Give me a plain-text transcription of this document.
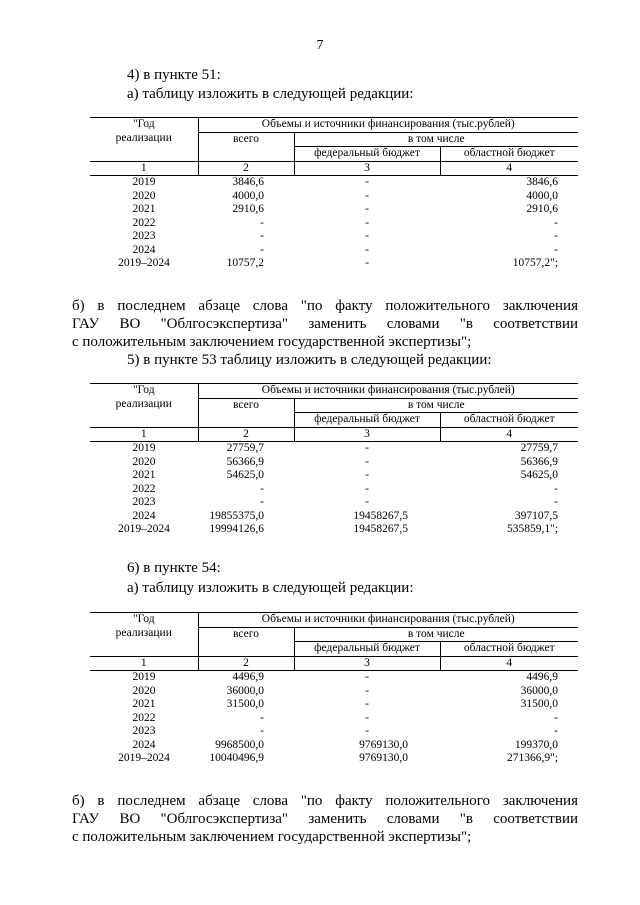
7
4) в пункте 51:
а) таблицу изложить в следующей редакции:
"Год
реализации	Объемы и источники финансирования (тыс.рублей)		
	всего	в том числе	
		федеральный бюджет	областной бюджет
1	2	3	4
2019	3846,6	-	3846,6
2020	4000,0	-	4000,0
2021	2910,6	-	2910,6
2022	-	-	-
2023	-	-	-
2024	-	-	-
2019–2024	10757,2	-	10757,2";
б) в последнем абзаце слова "по факту положительного заключения
ГАУ ВО "Облгосэкспертиза" заменить словами "в соответствии
с положительным заключением государственной экспертизы";
5) в пункте 53 таблицу изложить в следующей редакции:
"Год
реализации	Объемы и источники финансирования (тыс.рублей)		
	всего	в том числе	
		федеральный бюджет	областной бюджет
1	2	3	4
2019	27759,7	-	27759,7
2020	56366,9	-	56366,9
2021	54625,0	-	54625,0
2022	-	-	-
2023	-	-	-
2024	19855375,0	19458267,5	397107,5
2019–2024	19994126,6	19458267,5	535859,1";
6) в пункте 54:
а) таблицу изложить в следующей редакции:
"Год
реализации	Объемы и источники финансирования (тыс.рублей)		
	всего	в том числе	
		федеральный бюджет	областной бюджет
1	2	3	4
2019	4496,9	-	4496,9
2020	36000,0	-	36000,0
2021	31500,0	-	31500,0
2022	-	-	-
2023	-	-	-
2024	9968500,0	9769130,0	199370,0
2019–2024	10040496,9	9769130,0	271366,9";
б) в последнем абзаце слова "по факту положительного заключения
ГАУ ВО "Облгосэкспертиза" заменить словами "в соответствии
с положительным заключением государственной экспертизы";
